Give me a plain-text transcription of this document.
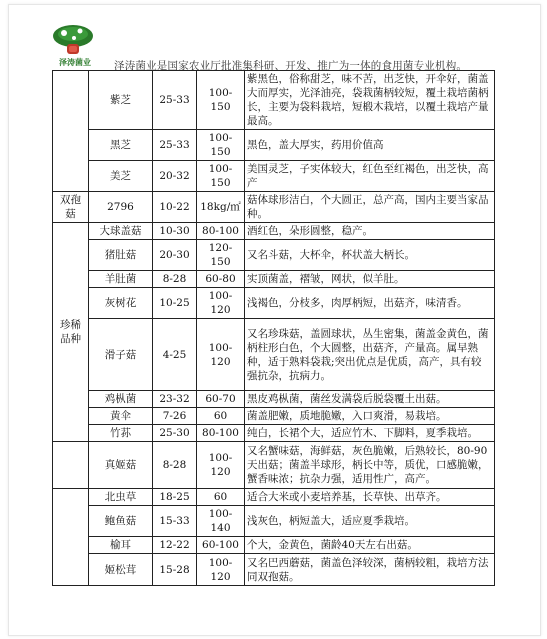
泽涛菌业	泽涛菌业是国家农业厅批准集科研、开发、推广为一体的食用菌专业机构。
	紫芝	25-33	100-150	紫黑色，俗称甜芝，味不苦，出芝快，开伞好，菌盖大而厚实，光泽油亮，袋栽菌柄较短，覆土栽培菌柄长，主要为袋料栽培，短椴木栽培，以覆土栽培产量最高。
	黑芝	25-33	100-150	黑色，盖大厚实，药用价值高
	美芝	20-32	100-150	美国灵芝，子实体较大，红色至红褐色，出芝快，高产
双孢菇	2796	10-22	18kg/㎡	菇体球形洁白，个大圆正，总产高，国内主要当家品种。
珍稀品种	大球盖菇	10-30	80-100	酒红色，朵形圆整，稳产。
	猪肚菇	20-30	120-150	又名斗菇，大杯伞，杯状盖大柄长。
	羊肚菌	8-28	60-80	实顶菌盖，褶皱，网状，似羊肚。
	灰树花	10-25	100-120	浅褐色，分枝多，肉厚柄短，出菇齐，味清香。
	滑子菇	4-25	100-120	又名珍珠菇，盖圆球状，丛生密集，菌盖金黄色，菌柄柱形白色，个大圆整，出菇齐，产量高。属早熟种，适于熟料袋栽;突出优点是优质，高产，具有较强抗杂，抗病力。
	鸡枞菌	23-32	60-70	黑皮鸡枞菌，菌丝发满袋后脱袋覆土出菇。
	黄伞	7-26	60	菌盖肥嫩，质地脆嫩，入口爽滑，易栽培。
	竹荪	25-30	80-100	纯白，长裙个大，适应竹木、下脚料，夏季栽培。
	真姬菇	8-28	100-120	又名蟹味菇，海鲜菇，灰色脆嫩，后熟较长，80-90天出菇；菌盖半球形，柄长中等，质优，口感脆嫩，蟹香味浓；抗杂力强，适用性广，高产。
	北虫草	18-25	60	适合大米或小麦培养基，长草快、出草齐。
	鲍鱼菇	15-33	100-140	浅灰色，柄短盖大，适应夏季栽培。
	榆耳	12-22	60-100	个大，金黄色，菌龄40天左右出菇。
	姬松茸	15-28	100-120	又名巴西蘑菇，菌盖色泽较深，菌柄较粗，栽培方法同双孢菇。
